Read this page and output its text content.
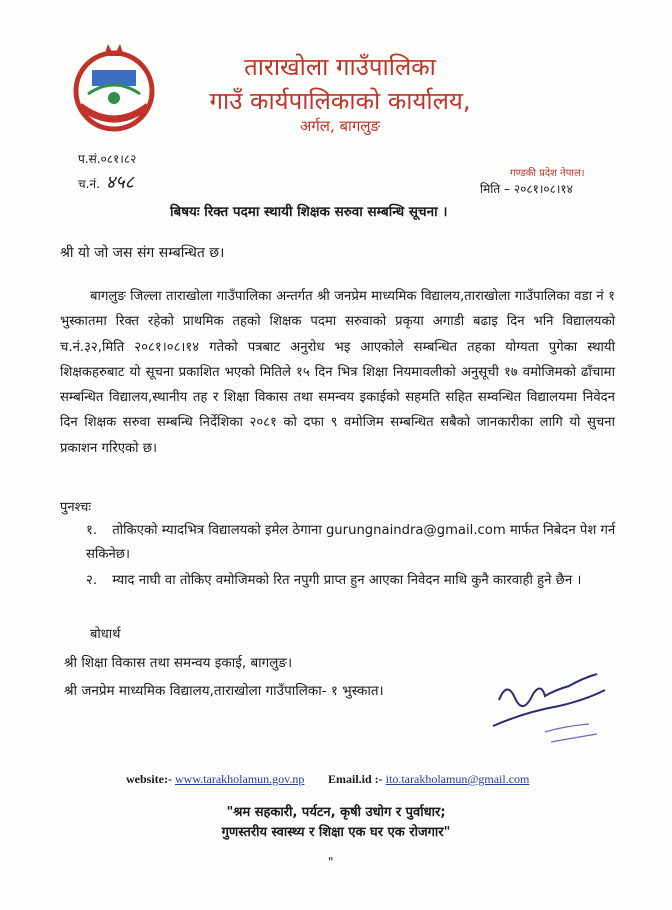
ताराखोला गाउँपालिका
गाउँ कार्यपालिकाको कार्यालय,
अर्गल, बागलुङ
प.सं.०८१।८२
च.नं. ४५८	गण्डकी प्रदेश नेपाल।
मिति – २०८१।०८।१४
बिषयः रिक्त पदमा स्थायी शिक्षक सरुवा सम्बन्धि सूचना ।
श्री यो जो जस संग सम्बन्धित छ।
बागलुङ जिल्ला ताराखोला गाउँपालिका अन्तर्गत श्री जनप्रेम माध्यमिक विद्यालय,ताराखोला गाउँपालिका वडा नं १ भुस्कातमा रिक्त रहेको प्राथमिक तहको शिक्षक पदमा सरुवाको प्रकृया अगाडी बढाइ दिन भनि विद्यालयको च.नं.३२,मिति २०८१।०८।१४ गतेको पत्रबाट अनुरोध भइ आएकोले सम्बन्धित तहका योग्यता पुगेका स्थायी शिक्षकहरुबाट यो सूचना प्रकाशित भएको मितिले १५ दिन भित्र शिक्षा नियमावलीको अनुसूची १७ वमोजिमको ढाँचामा सम्बन्धित विद्यालय,स्थानीय तह र शिक्षा विकास तथा समन्वय इकाईको सहमति सहित सम्वन्धित विद्यालयमा निवेदन दिन शिक्षक सरुवा सम्बन्धि निर्देशिका २०८१ को दफा ९ वमोजिम सम्बन्धित सबैको जानकारीका लागि यो सुचना प्रकाशन गरिएको छ।
पुनश्चः
१. तोकिएको म्यादभित्र विद्यालयको इमेल ठेगाना gurungnaindra@gmail.com मार्फत निबेदन पेश गर्न सकिनेछ।
२. म्याद नाघी वा तोकिए वमोजिमको रित नपुगी प्राप्त हुन आएका निवेदन माथि कुनै कारवाही हुने छैन ।
बोधार्थ
श्री शिक्षा विकास तथा समन्वय इकाई, बागलुङ।
श्री जनप्रेम माध्यमिक विद्यालय,ताराखोला गाउँपालिका- १ भुस्कात।
website:- www.tarakholamun.gov.np Email.id :- ito.tarakholamun@gmail.com
"श्रम सहकारी, पर्यटन, कृषी उधोग र पुर्वाधार;
गुणस्तरीय स्वास्थ्य र शिक्षा एक घर एक रोजगार"
"
